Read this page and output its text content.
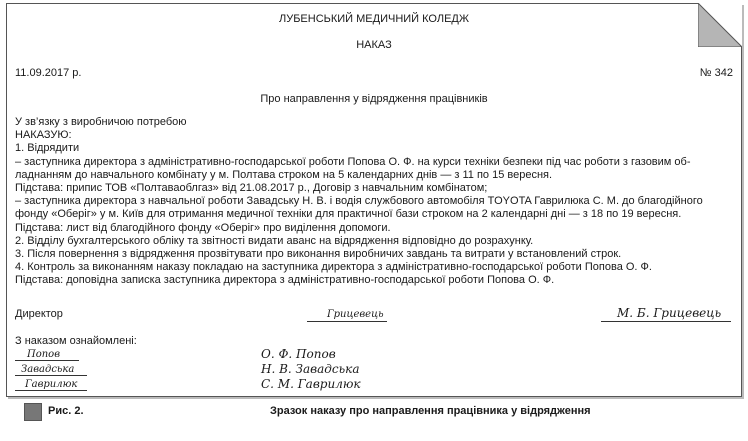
ЛУБЕНСЬКИЙ МЕДИЧНИЙ КОЛЕДЖ
НАКАЗ
11.09.2017 р.	№ 342
Про направлення у відрядження працівників
У зв’язку з виробничою потребою
НАКАЗУЮ:
1. Відрядити
– заступника директора з адміністративно-господарської роботи Попова О. Ф. на курси техніки безпеки під час роботи з газовим об-
ладнанням до навчального комбінату у м. Полтава строком на 5 календарних днів — з 11 по 15 вересня.
Підстава: припис ТОВ «Полтаваоблгаз» від 21.08.2017 р., Договір з навчальним комбінатом;
– заступника директора з навчальної роботи Завадську Н. В. і водія службового автомобіля TOYOTA Гаврилюка С. М. до благодійного
фонду «Оберіг» у м. Київ для отримання медичної техніки для практичної бази строком на 2 календарні дні — з 18 по 19 вересня.
Підстава: лист від благодійного фонду «Оберіг» про виділення допомоги.
2. Відділу бухгалтерського обліку та звітності видати аванс на відрядження відповідно до розрахунку.
3. Після повернення з відрядження прозвітувати про виконання виробничих завдань та витрати у встановлений строк.
4. Контроль за виконанням наказу покладаю на заступника директора з адміністративно-господарської роботи Попова О. Ф.
Підстава: доповідна записка заступника директора з адміністративно-господарської роботи Попова О. Ф.
Директор	Грицевець	М. Б. Грицевець
З наказом ознайомлені:
Попов	О. Ф. Попов
Завадська	Н. В. Завадська
Гаврилюк	С. М. Гаврилюк
Рис. 2.	Зразок наказу про направлення працівника у відрядження
